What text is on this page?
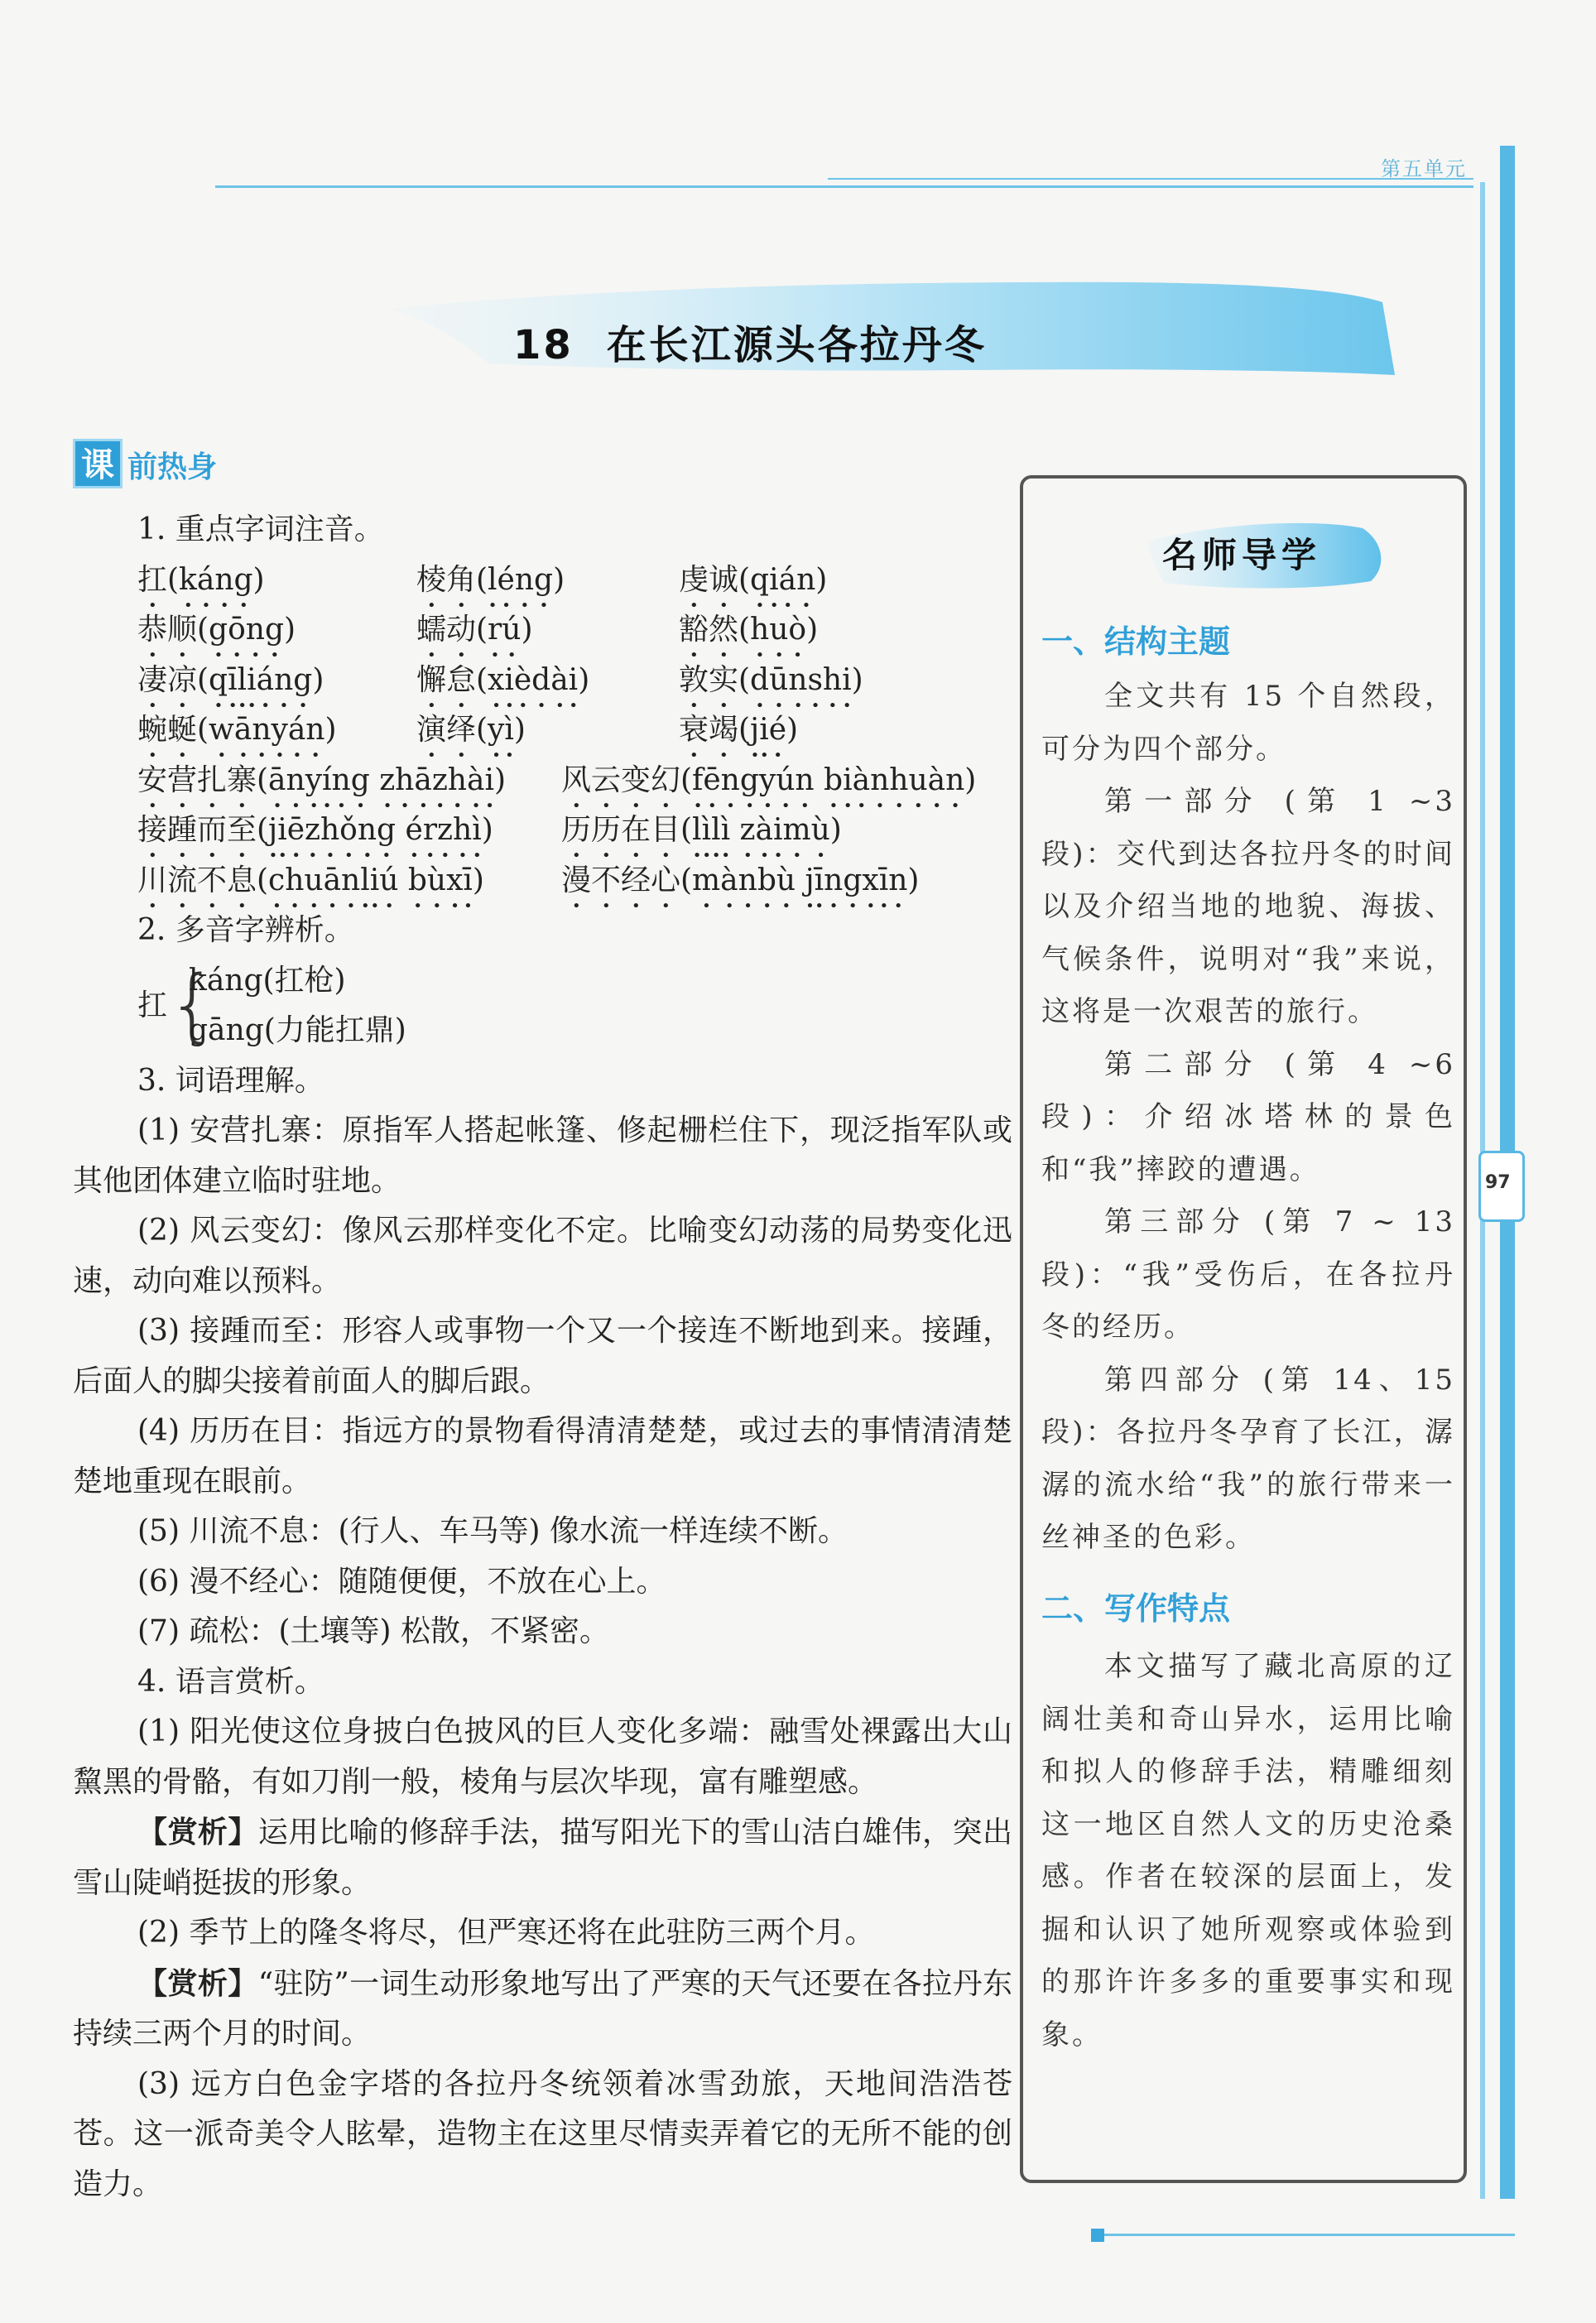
第五单元
97
18 在长江源头各拉丹冬
课 前热身

1. 重点字词注音。

扛(káng)	棱角(léng)	虔诚(qián)
恭顺(gōng)	蠕动(rú)	豁然(huò)
凄凉(qīliáng)	懈怠(xièdài)	敦实(dūnshi)
蜿蜒(wānyán)	演绎(yì)	衰竭(jié)
安营扎寨(ānyíng zhāzhài) 风云变幻(fēngyún biànhuàn)
接踵而至(jiēzhǒng érzhì) 历历在目(lìlì zàimù)
川流不息(chuānliú bùxī)	漫不经心(mànbù jīngxīn)

2. 多音字辨析。

扛 {
káng(扛枪)
gāng(力能扛鼎)

3. 词语理解。

(1) 安营扎寨：原指军人搭起帐篷、修起栅栏住下，现泛指军队或其他团体建立临时驻地。

(2) 风云变幻：像风云那样变化不定。比喻变幻动荡的局势变化迅速，动向难以预料。

(3) 接踵而至：形容人或事物一个又一个接连不断地到来。接踵，后面人的脚尖接着前面人的脚后跟。

(4) 历历在目：指远方的景物看得清清楚楚，或过去的事情清清楚楚地重现在眼前。

(5) 川流不息：(行人、车马等) 像水流一样连续不断。

(6) 漫不经心：随随便便，不放在心上。

(7) 疏松：(土壤等) 松散，不紧密。

4. 语言赏析。

(1) 阳光使这位身披白色披风的巨人变化多端：融雪处裸露出大山黧黑的骨骼，有如刀削一般，棱角与层次毕现，富有雕塑感。

【赏析】运用比喻的修辞手法，描写阳光下的雪山洁白雄伟，突出雪山陡峭挺拔的形象。

(2) 季节上的隆冬将尽，但严寒还将在此驻防三两个月。

【赏析】“驻防”一词生动形象地写出了严寒的天气还要在各拉丹东持续三两个月的时间。

(3) 远方白色金字塔的各拉丹冬统领着冰雪劲旅，天地间浩浩苍苍。这一派奇美令人眩晕，造物主在这里尽情卖弄着它的无所不能的创造力。

名师导学
一、结构主题

全文共有 15 个自然段，可分为四个部分。

第一部分 (第 1 ~3 段)：交代到达各拉丹冬的时间以及介绍当地的地貌、海拔、气候条件，说明对“我”来说，这将是一次艰苦的旅行。

第二部分 (第 4 ~6 段)：介绍冰塔林的景色和“我”摔跤的遭遇。

第三部分 (第 7 ~ 13 段)：“我”受伤后，在各拉丹冬的经历。

第四部分 (第 14、15 段)：各拉丹冬孕育了长江，潺潺的流水给“我”的旅行带来一丝神圣的色彩。

二、写作特点

本文描写了藏北高原的辽阔壮美和奇山异水，运用比喻和拟人的修辞手法，精雕细刻这一地区自然人文的历史沧桑感。作者在较深的层面上，发掘和认识了她所观察或体验到的那许许多多的重要事实和现象。
